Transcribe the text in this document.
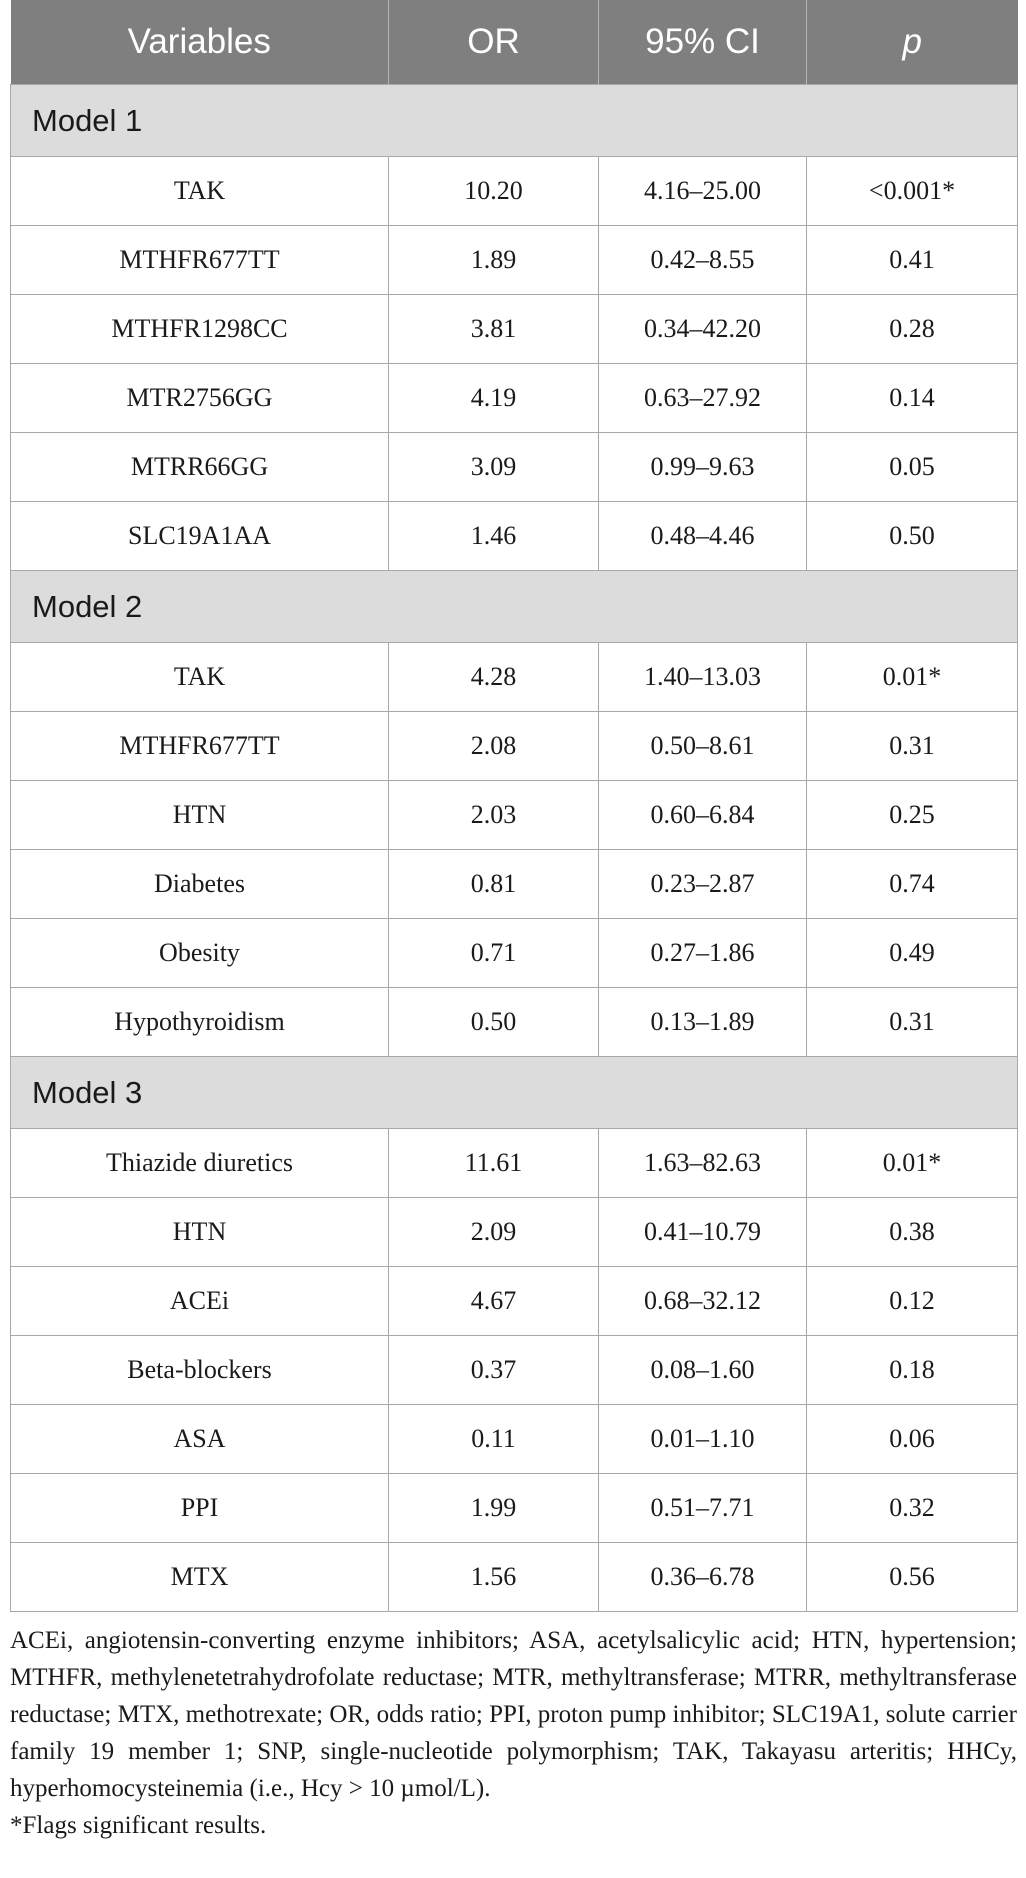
Variables	OR	95% CI	p
Model 1			
TAK	10.20	4.16–25.00	<0.001*
MTHFR677TT	1.89	0.42–8.55	0.41
MTHFR1298CC	3.81	0.34–42.20	0.28
MTR2756GG	4.19	0.63–27.92	0.14
MTRR66GG	3.09	0.99–9.63	0.05
SLC19A1AA	1.46	0.48–4.46	0.50
Model 2			
TAK	4.28	1.40–13.03	0.01*
MTHFR677TT	2.08	0.50–8.61	0.31
HTN	2.03	0.60–6.84	0.25
Diabetes	0.81	0.23–2.87	0.74
Obesity	0.71	0.27–1.86	0.49
Hypothyroidism	0.50	0.13–1.89	0.31
Model 3			
Thiazide diuretics	11.61	1.63–82.63	0.01*
HTN	2.09	0.41–10.79	0.38
ACEi	4.67	0.68–32.12	0.12
Beta-blockers	0.37	0.08–1.60	0.18
ASA	0.11	0.01–1.10	0.06
PPI	1.99	0.51–7.71	0.32
MTX	1.56	0.36–6.78	0.56

ACEi, angiotensin-converting enzyme inhibitors; ASA, acetylsalicylic acid; HTN, hypertension; MTHFR, methylenetetrahydrofolate reductase; MTR, methyltransferase; MTRR, methyltransferase reductase; MTX, methotrexate; OR, odds ratio; PPI, proton pump inhibitor; SLC19A1, solute carrier family 19 member 1; SNP, single-nucleotide polymorphism; TAK, Takayasu arteritis; HHCy, hyperhomocysteinemia (i.e., Hcy > 10 µmol/L).

*Flags significant results.
